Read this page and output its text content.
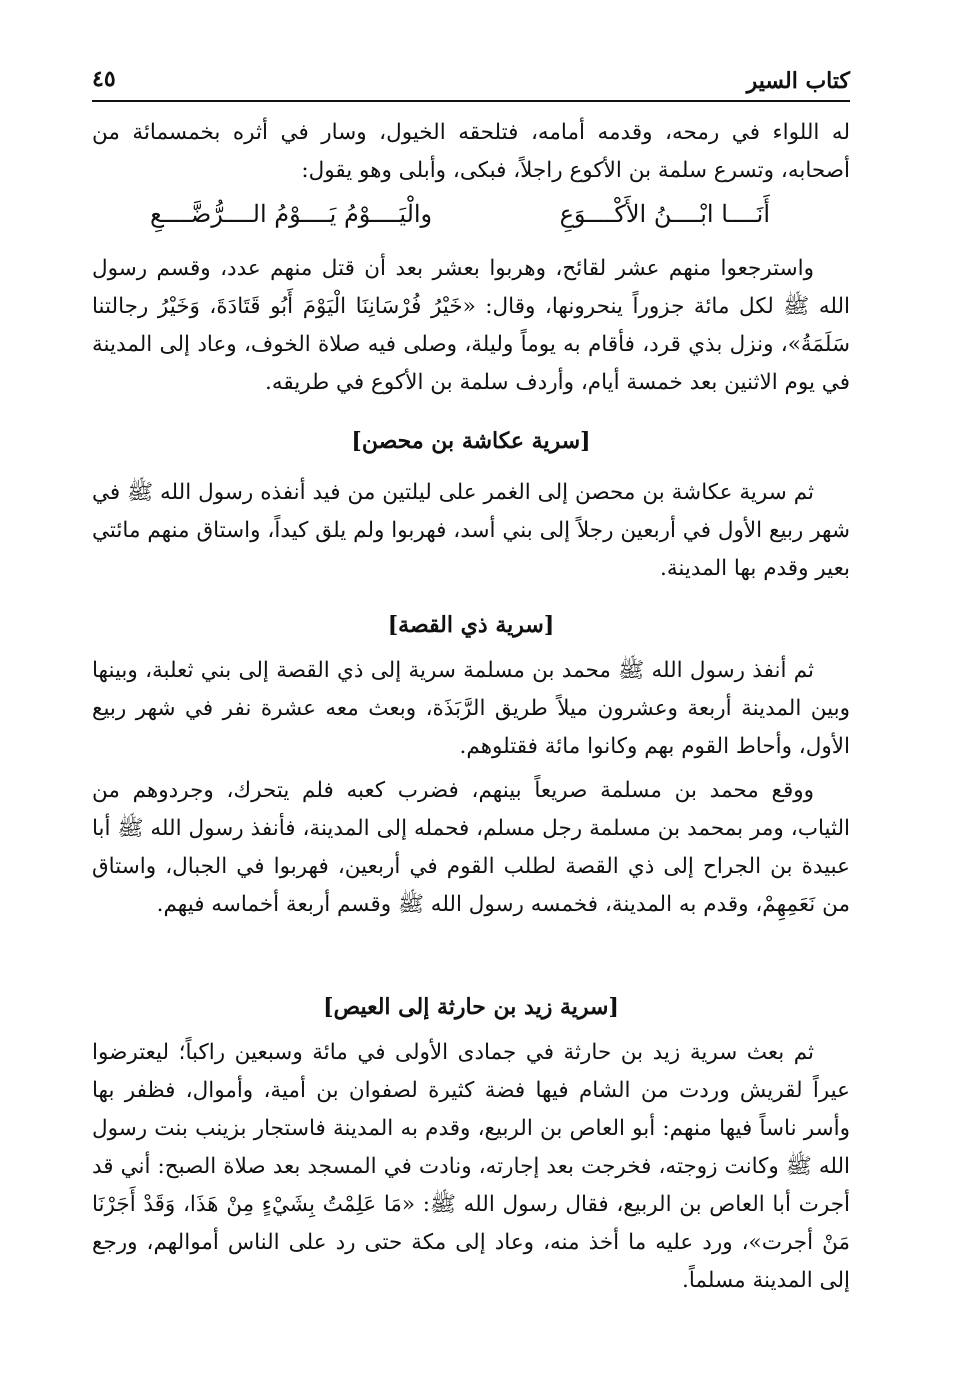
كتاب السير
٤٥
له اللواء في رمحه، وقدمه أمامه، فتلحقه الخيول، وسار في أثره بخمسمائة من أصحابه، وتسرع سلمة بن الأكوع راجلاً، فبكى، وأبلى وهو يقول:
أَنَــــا ابْــــنُ الأَكْــــوَعِ
والْيَــــوْمُ يَــــوْمُ الــــرُّضَّــــعِ
واسترجعوا منهم عشر لقائح، وهربوا بعشر بعد أن قتل منهم عدد، وقسم رسول الله ﷺ لكل مائة جزوراً ينحرونها، وقال: «خَيْرُ فُرْسَانِنَا الْيَوْمَ أَبُو قَتَادَةَ، وَخَيْرُ رجالتنا سَلَمَةُ»، ونزل بذي قرد، فأقام به يوماً وليلة، وصلى فيه صلاة الخوف، وعاد إلى المدينة في يوم الاثنين بعد خمسة أيام، وأردف سلمة بن الأكوع في طريقه.
[سرية عكاشة بن محصن]
ثم سرية عكاشة بن محصن إلى الغمر على ليلتين من فيد أنفذه رسول الله ﷺ في شهر ربيع الأول في أربعين رجلاً إلى بني أسد، فهربوا ولم يلق كيداً، واستاق منهم مائتي بعير وقدم بها المدينة.
[سرية ذي القصة]
ثم أنفذ رسول الله ﷺ محمد بن مسلمة سرية إلى ذي القصة إلى بني ثعلبة، وبينها وبين المدينة أربعة وعشرون ميلاً طريق الرَّبَذَة، وبعث معه عشرة نفر في شهر ربيع الأول، وأحاط القوم بهم وكانوا مائة فقتلوهم.
ووقع محمد بن مسلمة صريعاً بينهم، فضرب كعبه فلم يتحرك، وجردوهم من الثياب، ومر بمحمد بن مسلمة رجل مسلم، فحمله إلى المدينة، فأنفذ رسول الله ﷺ أبا عبيدة بن الجراح إلى ذي القصة لطلب القوم في أربعين، فهربوا في الجبال، واستاق من نَعَمِهِمْ، وقدم به المدينة، فخمسه رسول الله ﷺ وقسم أربعة أخماسه فيهم.
[سرية زيد بن حارثة إلى العيص]
ثم بعث سرية زيد بن حارثة في جمادى الأولى في مائة وسبعين راكباً؛ ليعترضوا عيراً لقريش وردت من الشام فيها فضة كثيرة لصفوان بن أمية، وأموال، فظفر بها وأسر ناساً فيها منهم: أبو العاص بن الربيع، وقدم به المدينة فاستجار بزينب بنت رسول الله ﷺ وكانت زوجته، فخرجت بعد إجارته، ونادت في المسجد بعد صلاة الصبح: أني قد أجرت أبا العاص بن الربيع، فقال رسول الله ﷺ: «مَا عَلِمْتُ بِشَيْءٍ مِنْ هَذَا، وَقَدْ أَجَرْنَا مَنْ أجرت»، ورد عليه ما أخذ منه، وعاد إلى مكة حتى رد على الناس أموالهم، ورجع إلى المدينة مسلماً.
